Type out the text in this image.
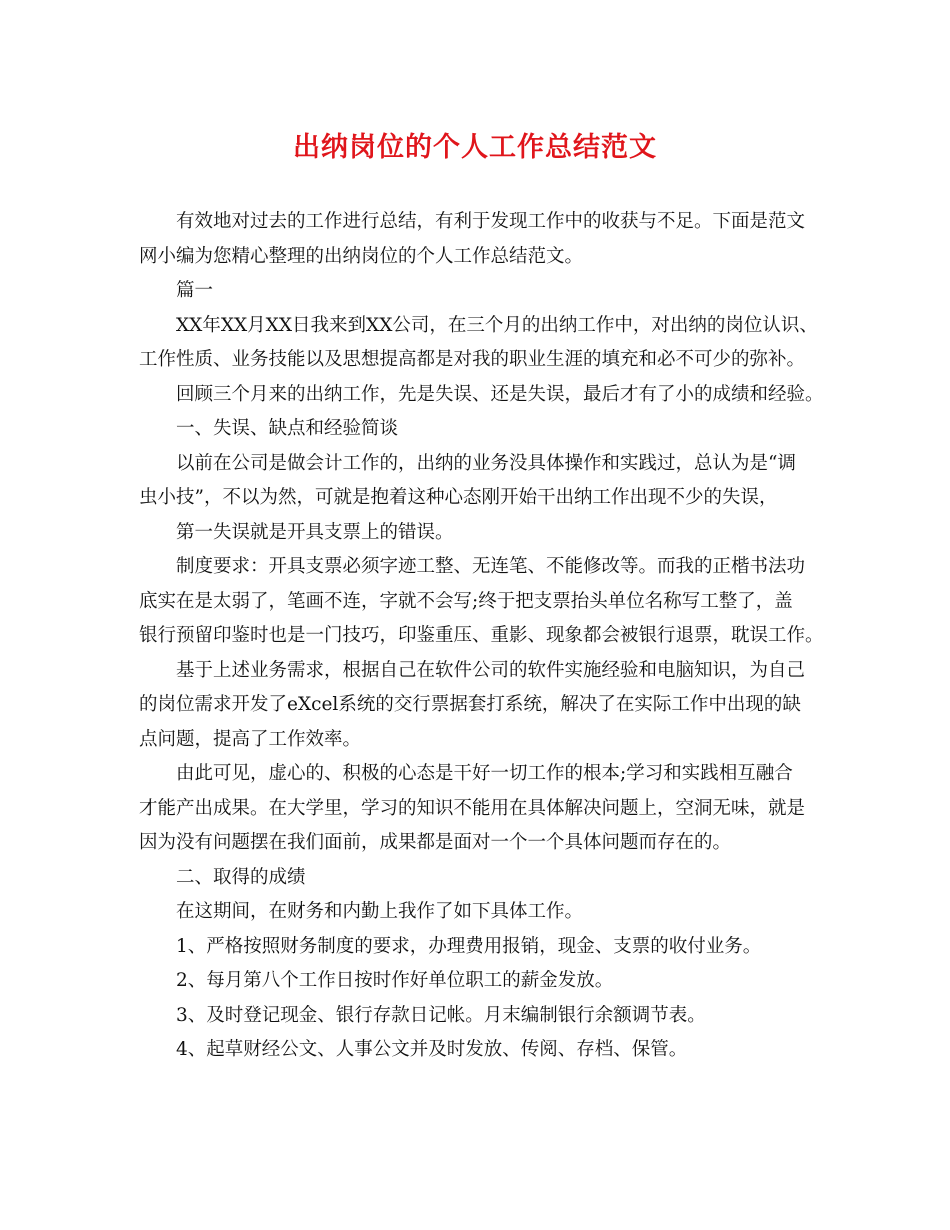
出纳岗位的个人工作总结范文
有效地对过去的工作进行总结，有利于发现工作中的收获与不足。下面是范文
网小编为您精心整理的出纳岗位的个人工作总结范文。
篇一
XX年XX月XX日我来到XX公司，在三个月的出纳工作中，对出纳的岗位认识、
工作性质、业务技能以及思想提高都是对我的职业生涯的填充和必不可少的弥补。
回顾三个月来的出纳工作，先是失误、还是失误，最后才有了小的成绩和经验。
一、失误、缺点和经验简谈
以前在公司是做会计工作的，出纳的业务没具体操作和实践过，总认为是“调
虫小技”，不以为然，可就是抱着这种心态刚开始干出纳工作出现不少的失误，
第一失误就是开具支票上的错误。
制度要求：开具支票必须字迹工整、无连笔、不能修改等。而我的正楷书法功
底实在是太弱了，笔画不连，字就不会写;终于把支票抬头单位名称写工整了，盖
银行预留印鉴时也是一门技巧，印鉴重压、重影、现象都会被银行退票，耽误工作。
基于上述业务需求，根据自己在软件公司的软件实施经验和电脑知识，为自己
的岗位需求开发了eXcel系统的交行票据套打系统，解决了在实际工作中出现的缺
点问题，提高了工作效率。
由此可见，虚心的、积极的心态是干好一切工作的根本;学习和实践相互融合
才能产出成果。在大学里，学习的知识不能用在具体解决问题上，空洞无味，就是
因为没有问题摆在我们面前，成果都是面对一个一个具体问题而存在的。
二、取得的成绩
在这期间，在财务和内勤上我作了如下具体工作。
1、严格按照财务制度的要求，办理费用报销，现金、支票的收付业务。
2、每月第八个工作日按时作好单位职工的薪金发放。
3、及时登记现金、银行存款日记帐。月末编制银行余额调节表。
4、起草财经公文、人事公文并及时发放、传阅、存档、保管。
